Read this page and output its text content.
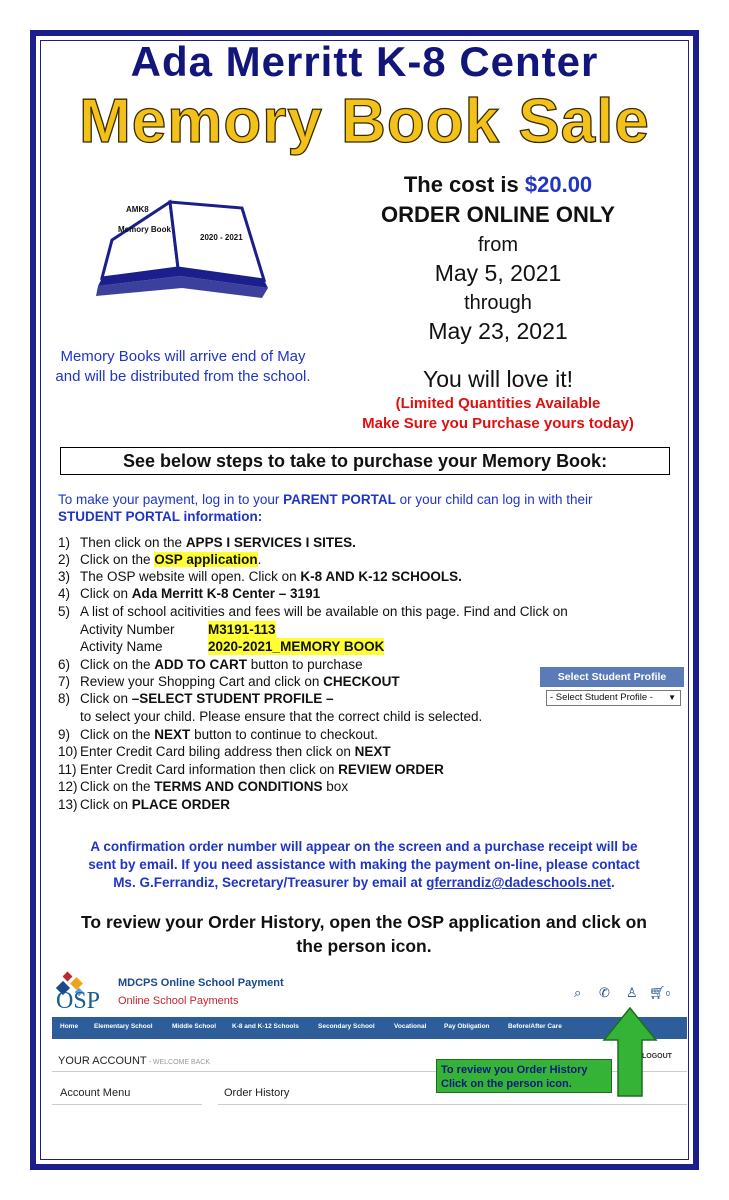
Ada Merritt K-8 Center
Memory Book Sale
AMK8
Memory Book
2020 - 2021
The cost is $20.00
ORDER ONLINE ONLY
from
May 5, 2021
through
May 23, 2021
You will love it!
(Limited Quantities Available
Make Sure you Purchase yours today)
Memory Books will arrive end of May and will be distributed from the school.
See below steps to take to purchase your Memory Book:
To make your payment, log in to your PARENT PORTAL or your child can log in with their
STUDENT PORTAL information:
1) Then click on the APPS I SERVICES I SITES.
2) Click on the OSP application.
3) The OSP website will open. Click on K-8 AND K-12 SCHOOLS.
4) Click on Ada Merritt K-8 Center – 3191
5) A list of school acitivities and fees will be available on this page. Find and Click on
Activity Number M3191-113
Activity Name	2020-2021_MEMORY BOOK
6) Click on the ADD TO CART button to purchase
7) Review your Shopping Cart and click on CHECKOUT
8) Click on –SELECT STUDENT PROFILE –
to select your child. Please ensure that the correct child is selected.
9) Click on the NEXT button to continue to checkout.
10) Enter Credit Card biling address then click on NEXT
11) Enter Credit Card information then click on REVIEW ORDER
12) Click on the TERMS AND CONDITIONS box
13) Click on PLACE ORDER
Select Student Profile
- Select Student Profile - ▼
A confirmation order number will appear on the screen and a purchase receipt will be
sent by email. If you need assistance with making the payment on-line, please contact
Ms. G.Ferrandiz, Secretary/Treasurer by email at gferrandiz@dadeschools.net.
To review your Order History, open the OSP application and click on
the person icon.
OSP
MDCPS Online School Payment
Online School Payments
⌕ ✆ ♙ 🛒︎ 0
Home Elementary School	Middle School K-8 and K-12 Schools	Secondary School	Vocational	Pay Obligation	Before/After Care
YOUR ACCOUNT - WELCOME BACK
LOGOUT
Account Menu	Order History
To review you Order History Click on the person icon.
